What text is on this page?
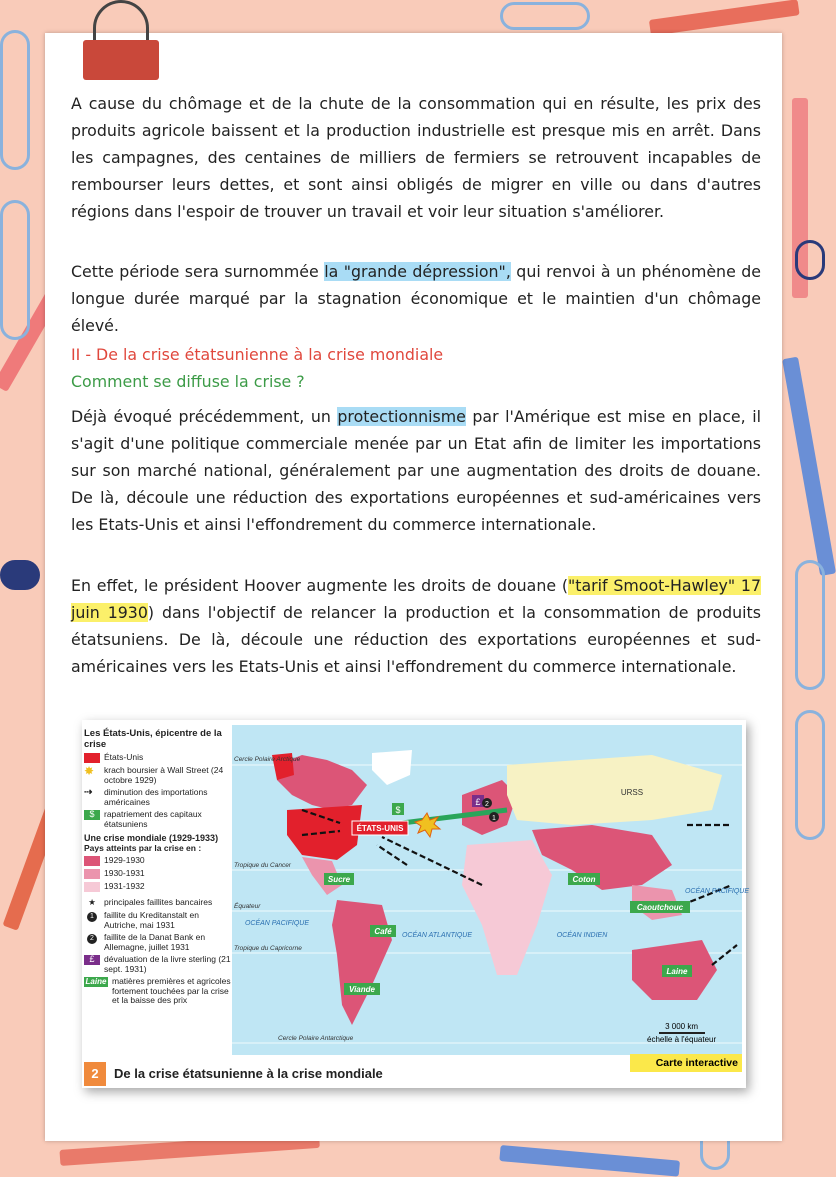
A cause du chômage et de la chute de la consommation qui en résulte, les prix des produits agricole baissent et la production industrielle est presque mis en arrêt. Dans les campagnes, des centaines de milliers de fermiers se retrouvent incapables de rembourser leurs dettes, et sont ainsi obligés de migrer en ville ou dans d'autres régions dans l'espoir de trouver un travail et voir leur situation s'améliorer.

Cette période sera surnommée la "grande dépression", qui renvoi à un phénomène de longue durée marqué par la stagnation économique et le maintien d'un chômage élevé.

II - De la crise étatsunienne à la crise mondiale
Comment se diffuse la crise ?

Déjà évoqué précédemment, un protectionnisme par l'Amérique est mise en place, il s'agit d'une politique commerciale menée par un Etat afin de limiter les importations sur son marché national, généralement par une augmentation des droits de douane. De là, découle une réduction des exportations européennes et sud-américaines vers les Etats-Unis et ainsi l'effondrement du commerce internationale.

En effet, le président Hoover augmente les droits de douane ("tarif Smoot-Hawley" 17 juin 1930) dans l'objectif de relancer la production et la consommation de produits étatsuniens. De là, découle une réduction des exportations européennes et sud-américaines vers les Etats-Unis et ainsi l'effondrement du commerce internationale.

Les États-Unis, épicentre de la crise
États-Unis
✸	krach boursier à Wall Street (24 octobre 1929)
⇢	diminution des importations américaines
$	rapatriement des capitaux étatsuniens
Une crise mondiale (1929-1933)
Pays atteints par la crise en :
1929-1930
1930-1931
1931-1932
★ principales faillites bancaires
1	faillite du Kreditanstalt en Autriche, mai 1931
2	faillite de la Danat Bank en Allemagne, juillet 1931
£	dévaluation de la livre sterling (21 sept. 1931)
Laine matières premières et agricoles fortement touchées par la crise et la baisse des prix
£
$
2
1
ÉTATS-UNIS
URSS
Cercle Polaire Arctique
Tropique du Cancer
Équateur
Tropique du Capricorne
Cercle Polaire Antarctique
OCÉAN PACIFIQUE
OCÉAN ATLANTIQUE	OCÉAN INDIEN
OCÉAN PACIFIQUE
Sucre
Café
Viande
Coton
Caoutchouc
Laine
3 000 km
échelle à l'équateur
Carte interactive
2	De la crise étatsunienne à la crise mondiale
